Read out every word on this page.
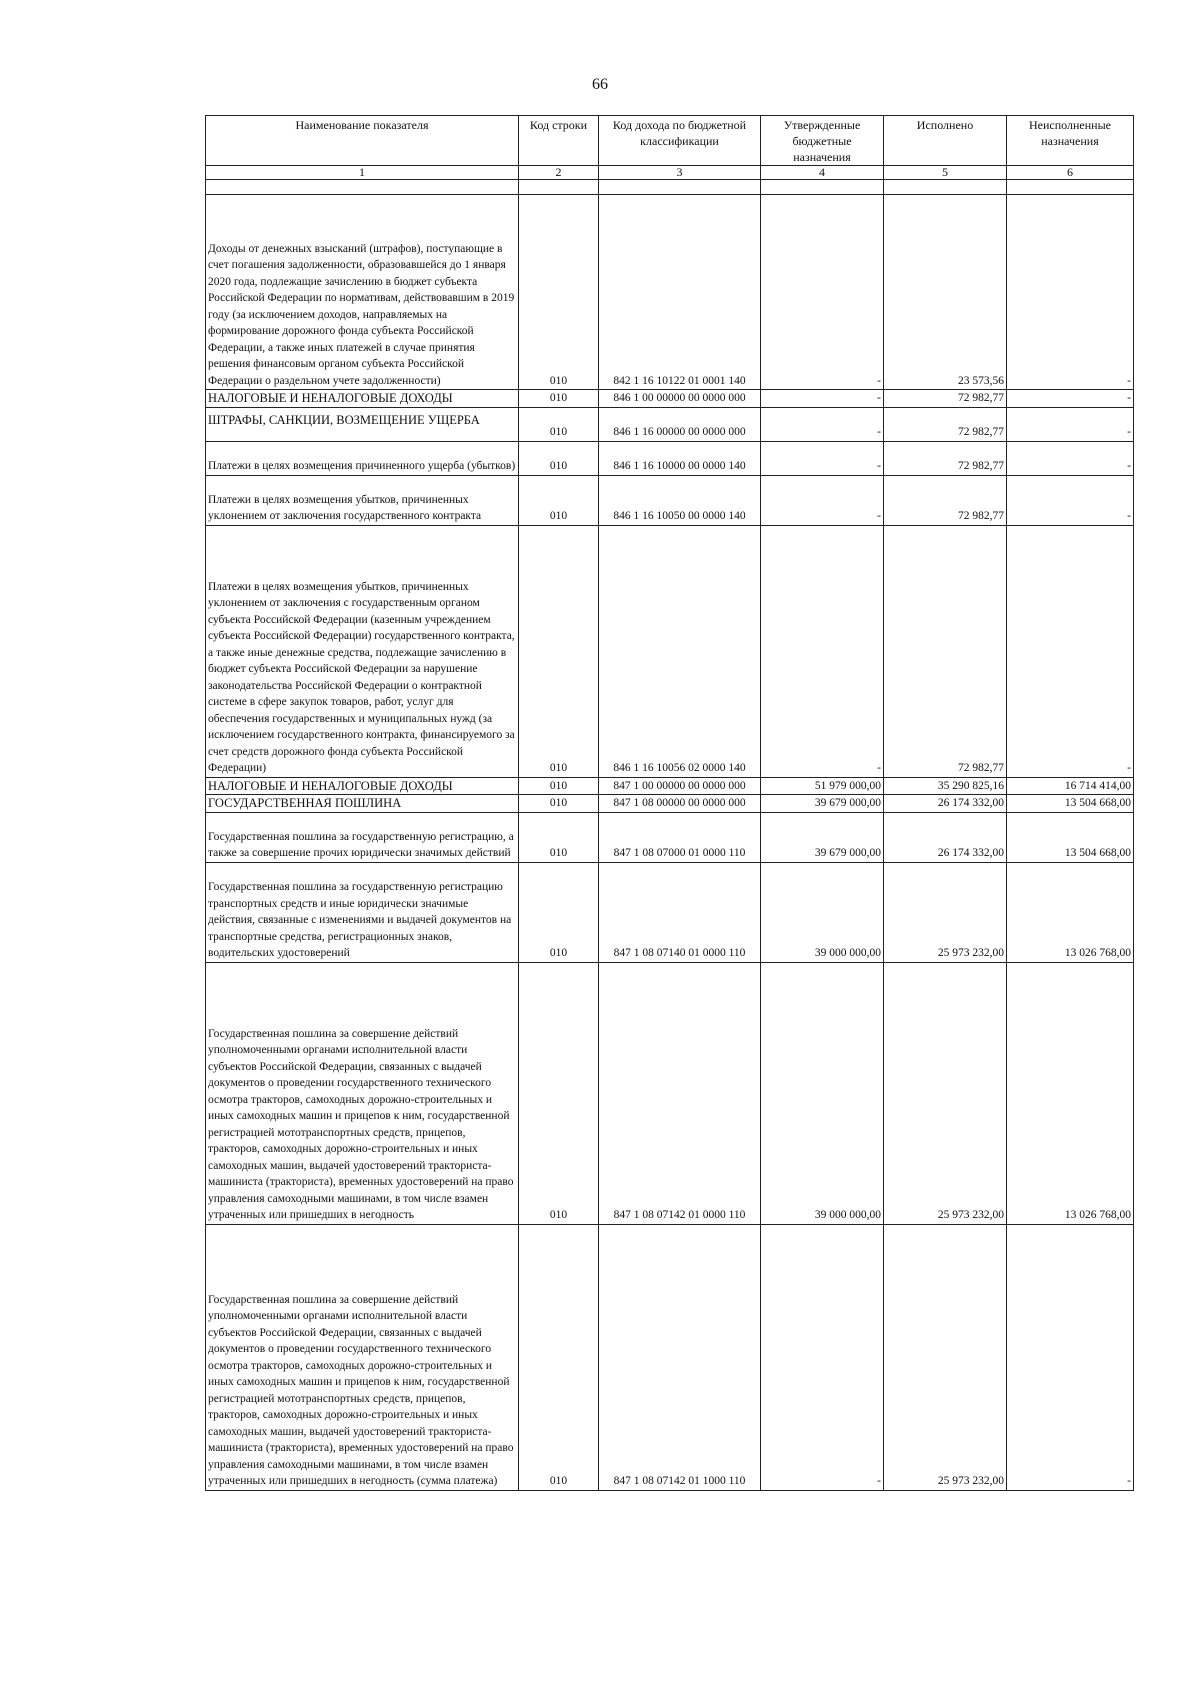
66
Наименование показателя	Код строки	Код дохода по бюджетной классификации	Утвержденные бюджетные назначения	Исполнено	Неисполненные назначения
1	2	3	4	5	6

Доходы от денежных взысканий (штрафов), поступающие в счет погашения задолженности, образовавшейся до 1 января 2020 года, подлежащие зачислению в бюджет субъекта Российской Федерации по нормативам, действовавшим в 2019 году (за исключением доходов, направляемых на формирование дорожного фонда субъекта Российской Федерации, а также иных платежей в случае принятия решения финансовым органом субъекта Российской Федерации о раздельном учете задолженности)	010	842 1 16 10122 01 0001 140	-	23 573,56	-
НАЛОГОВЫЕ И НЕНАЛОГОВЫЕ ДОХОДЫ	010	846 1 00 00000 00 0000 000	-	72 982,77	-
ШТРАФЫ, САНКЦИИ, ВОЗМЕЩЕНИЕ УЩЕРБА	010	846 1 16 00000 00 0000 000	-	72 982,77	-
Платежи в целях возмещения причиненного ущерба (убытков)	010	846 1 16 10000 00 0000 140	-	72 982,77	-
Платежи в целях возмещения убытков, причиненных уклонением от заключения государственного контракта	010	846 1 16 10050 00 0000 140	-	72 982,77	-
Платежи в целях возмещения убытков, причиненных уклонением от заключения с государственным органом субъекта Российской Федерации (казенным учреждением субъекта Российской Федерации) государственного контракта, а также иные денежные средства, подлежащие зачислению в бюджет субъекта Российской Федерации за нарушение законодательства Российской Федерации о контрактной системе в сфере закупок товаров, работ, услуг для обеспечения государственных и муниципальных нужд (за исключением государственного контракта, финансируемого за счет средств дорожного фонда субъекта Российской Федерации)	010	846 1 16 10056 02 0000 140	-	72 982,77	-
НАЛОГОВЫЕ И НЕНАЛОГОВЫЕ ДОХОДЫ	010	847 1 00 00000 00 0000 000	51 979 000,00	35 290 825,16	16 714 414,00
ГОСУДАРСТВЕННАЯ ПОШЛИНА	010	847 1 08 00000 00 0000 000	39 679 000,00	26 174 332,00	13 504 668,00
Государственная пошлина за государственную регистрацию, а также за совершение прочих юридически значимых действий	010	847 1 08 07000 01 0000 110	39 679 000,00	26 174 332,00	13 504 668,00
Государственная пошлина за государственную регистрацию транспортных средств и иные юридически значимые действия, связанные с изменениями и выдачей документов на транспортные средства, регистрационных знаков, водительских удостоверений	010	847 1 08 07140 01 0000 110	39 000 000,00	25 973 232,00	13 026 768,00
Государственная пошлина за совершение действий уполномоченными органами исполнительной власти субъектов Российской Федерации, связанных с выдачей документов о проведении государственного технического осмотра тракторов, самоходных дорожно-строительных и иных самоходных машин и прицепов к ним, государственной регистрацией мототранспортных средств, прицепов, тракторов, самоходных дорожно-строительных и иных самоходных машин, выдачей удостоверений тракториста-машиниста (тракториста), временных удостоверений на право управления самоходными машинами, в том числе взамен утраченных или пришедших в негодность	010	847 1 08 07142 01 0000 110	39 000 000,00	25 973 232,00	13 026 768,00
Государственная пошлина за совершение действий уполномоченными органами исполнительной власти субъектов Российской Федерации, связанных с выдачей документов о проведении государственного технического осмотра тракторов, самоходных дорожно-строительных и иных самоходных машин и прицепов к ним, государственной регистрацией мототранспортных средств, прицепов, тракторов, самоходных дорожно-строительных и иных самоходных машин, выдачей удостоверений тракториста-машиниста (тракториста), временных удостоверений на право управления самоходными машинами, в том числе взамен утраченных или пришедших в негодность (сумма платежа)	010	847 1 08 07142 01 1000 110	-	25 973 232,00	-
